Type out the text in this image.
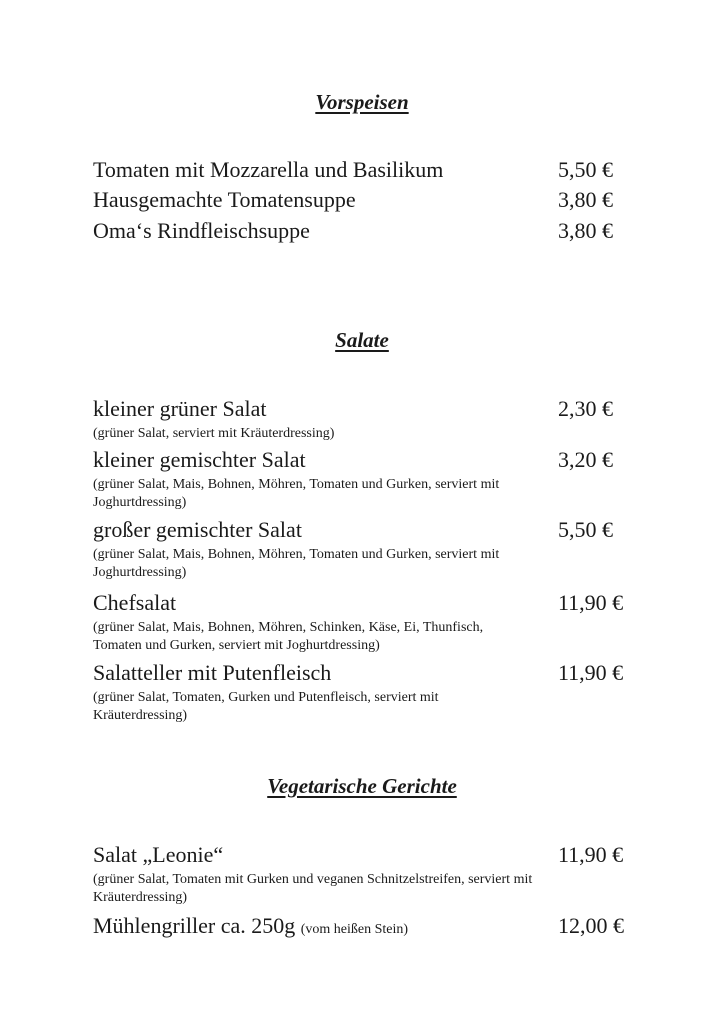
Vorspeisen
Tomaten mit Mozzarella und Basilikum	5,50 €
Hausgemachte Tomatensuppe	3,80 €
Oma‘s Rindfleischsuppe	3,80 €
Salate
kleiner grüner Salat	2,30 €
(grüner Salat, serviert mit Kräuterdressing)
kleiner gemischter Salat	3,20 €
(grüner Salat, Mais, Bohnen, Möhren, Tomaten und Gurken, serviert mit Joghurtdressing)
großer gemischter Salat	5,50 €
(grüner Salat, Mais, Bohnen, Möhren, Tomaten und Gurken, serviert mit Joghurtdressing)
Chefsalat	11,90 €
(grüner Salat, Mais, Bohnen, Möhren, Schinken, Käse, Ei, Thunfisch, Tomaten und Gurken, serviert mit Joghurtdressing)
Salatteller mit Putenfleisch	11,90 €
(grüner Salat, Tomaten, Gurken und Putenfleisch, serviert mit Kräuterdressing)
Vegetarische Gerichte
Salat „Leonie“	11,90 €
(grüner Salat, Tomaten mit Gurken und veganen Schnitzelstreifen, serviert mit Kräuterdressing)
Mühlengriller ca. 250g (vom heißen Stein)	12,00 €
